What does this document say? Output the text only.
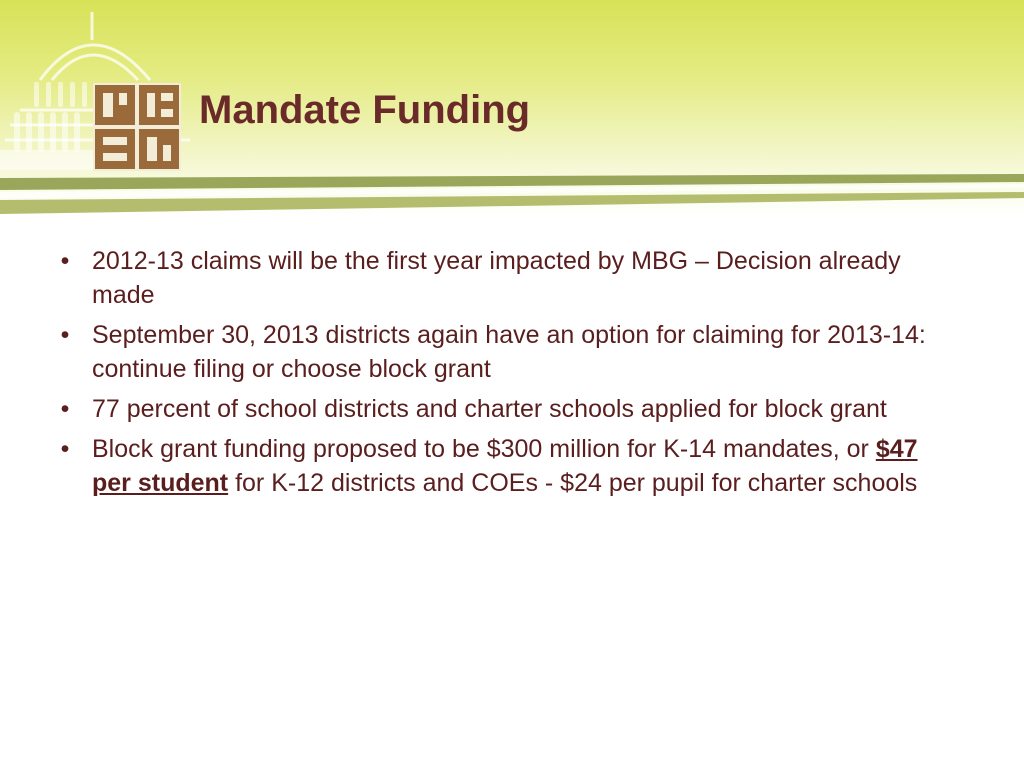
Mandate Funding
• 2012-13 claims will be the first year impacted by MBG – Decision already made
• September 30, 2013 districts again have an option for claiming for 2013-14: continue filing or choose block grant
• 77 percent of school districts and charter schools applied for block grant
• Block grant funding proposed to be $300 million for K-14 mandates, or $47 per student for K-12 districts and COEs - $24 per pupil for charter schools
